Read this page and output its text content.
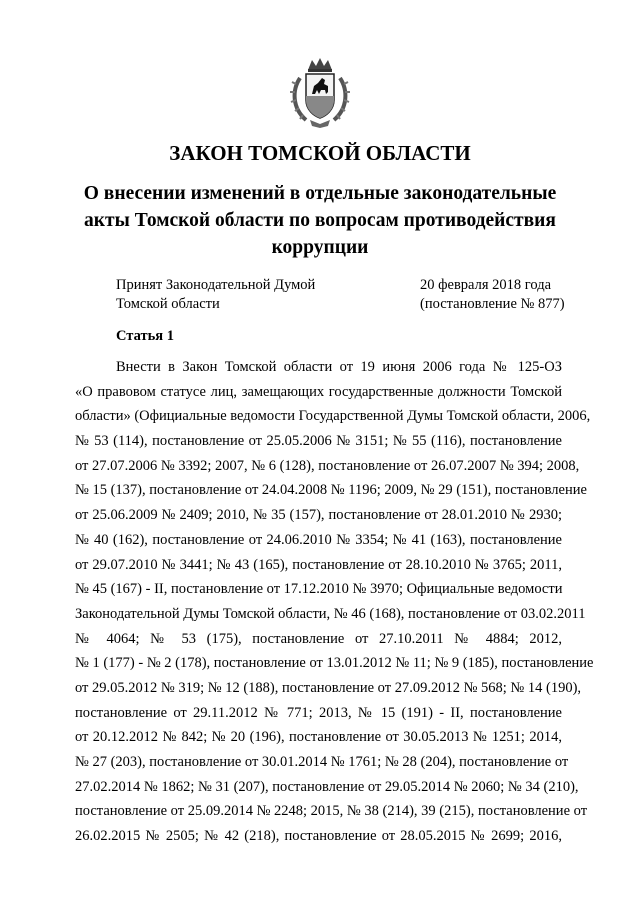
ЗАКОН ТОМСКОЙ ОБЛАСТИ
О внесении изменений в отдельные законодательные
акты Томской области по вопросам противодействия
коррупции
Принят Законодательной Думой
Томской области
20 февраля 2018 года
(постановление № 877)
Статья 1
Внести в Закон Томской области от 19 июня 2006 года № 125-ОЗ
«О правовом статусе лиц, замещающих государственные должности Томской
области» (Официальные ведомости Государственной Думы Томской области, 2006,
№ 53 (114), постановление от 25.05.2006 № 3151; № 55 (116), постановление
от 27.07.2006 № 3392; 2007, № 6 (128), постановление от 26.07.2007 № 394; 2008,
№ 15 (137), постановление от 24.04.2008 № 1196; 2009, № 29 (151), постановление
от 25.06.2009 № 2409; 2010, № 35 (157), постановление от 28.01.2010 № 2930;
№ 40 (162), постановление от 24.06.2010 № 3354; № 41 (163), постановление
от 29.07.2010 № 3441; № 43 (165), постановление от 28.10.2010 № 3765; 2011,
№ 45 (167) - II, постановление от 17.12.2010 № 3970; Официальные ведомости
Законодательной Думы Томской области, № 46 (168), постановление от 03.02.2011
№ 4064; № 53 (175), постановление от 27.10.2011 № 4884; 2012,
№ 1 (177) - № 2 (178), постановление от 13.01.2012 № 11; № 9 (185), постановление
от 29.05.2012 № 319; № 12 (188), постановление от 27.09.2012 № 568; № 14 (190),
постановление от 29.11.2012 № 771; 2013, № 15 (191) - II, постановление
от 20.12.2012 № 842; № 20 (196), постановление от 30.05.2013 № 1251; 2014,
№ 27 (203), постановление от 30.01.2014 № 1761; № 28 (204), постановление от
27.02.2014 № 1862; № 31 (207), постановление от 29.05.2014 № 2060; № 34 (210),
постановление от 25.09.2014 № 2248; 2015, № 38 (214), 39 (215), постановление от
26.02.2015 № 2505; № 42 (218), постановление от 28.05.2015 № 2699; 2016,
